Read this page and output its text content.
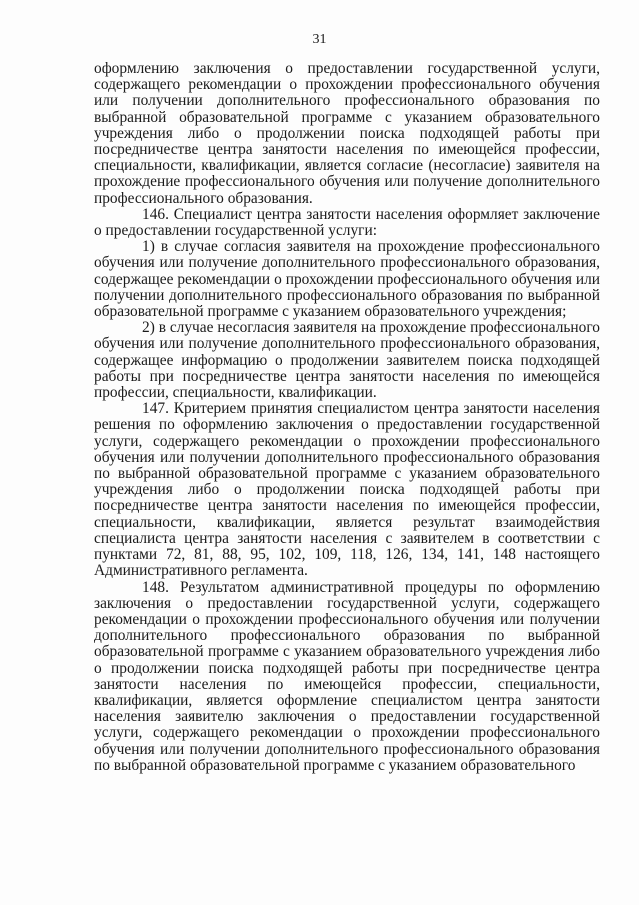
31

оформлению заключения о предоставлении государственной услуги, содержащего рекомендации о прохождении профессионального обучения или получении дополнительного профессионального образования по выбранной образовательной программе с указанием образовательного учреждения либо о продолжении поиска подходящей работы при посредничестве центра занятости населения по имеющейся профессии, специальности, квалификации, является согласие (несогласие) заявителя на прохождение профессионального обучения или получение дополнительного профессионального образования.

146. Специалист центра занятости населения оформляет заключение о предоставлении государственной услуги:

1) в случае согласия заявителя на прохождение профессионального обучения или получение дополнительного профессионального образования, содержащее рекомендации о прохождении профессионального обучения или получении дополнительного профессионального образования по выбранной образовательной программе с указанием образовательного учреждения;

2) в случае несогласия заявителя на прохождение профессионального обучения или получение дополнительного профессионального образования, содержащее информацию о продолжении заявителем поиска подходящей работы при посредничестве центра занятости населения по имеющейся профессии, специальности, квалификации.

147. Критерием принятия специалистом центра занятости населения решения по оформлению заключения о предоставлении государственной услуги, содержащего рекомендации о прохождении профессионального обучения или получении дополнительного профессионального образования по выбранной образовательной программе с указанием образовательного учреждения либо о продолжении поиска подходящей работы при посредничестве центра занятости населения по имеющейся профессии, специальности, квалификации, является результат взаимодействия специалиста центра занятости населения с заявителем в соответствии с пунктами 72, 81, 88, 95, 102, 109, 118, 126, 134, 141, 148 настоящего Административного регламента.

148. Результатом административной процедуры по оформлению заключения о предоставлении государственной услуги, содержащего рекомендации о прохождении профессионального обучения или получении дополнительного профессионального образования по выбранной образовательной программе с указанием образовательного учреждения либо о продолжении поиска подходящей работы при посредничестве центра занятости населения по имеющейся профессии, специальности, квалификации, является оформление специалистом центра занятости населения заявителю заключения о предоставлении государственной услуги, содержащего рекомендации о прохождении профессионального обучения или получении дополнительного профессионального образования по выбранной образовательной программе с указанием образовательного
